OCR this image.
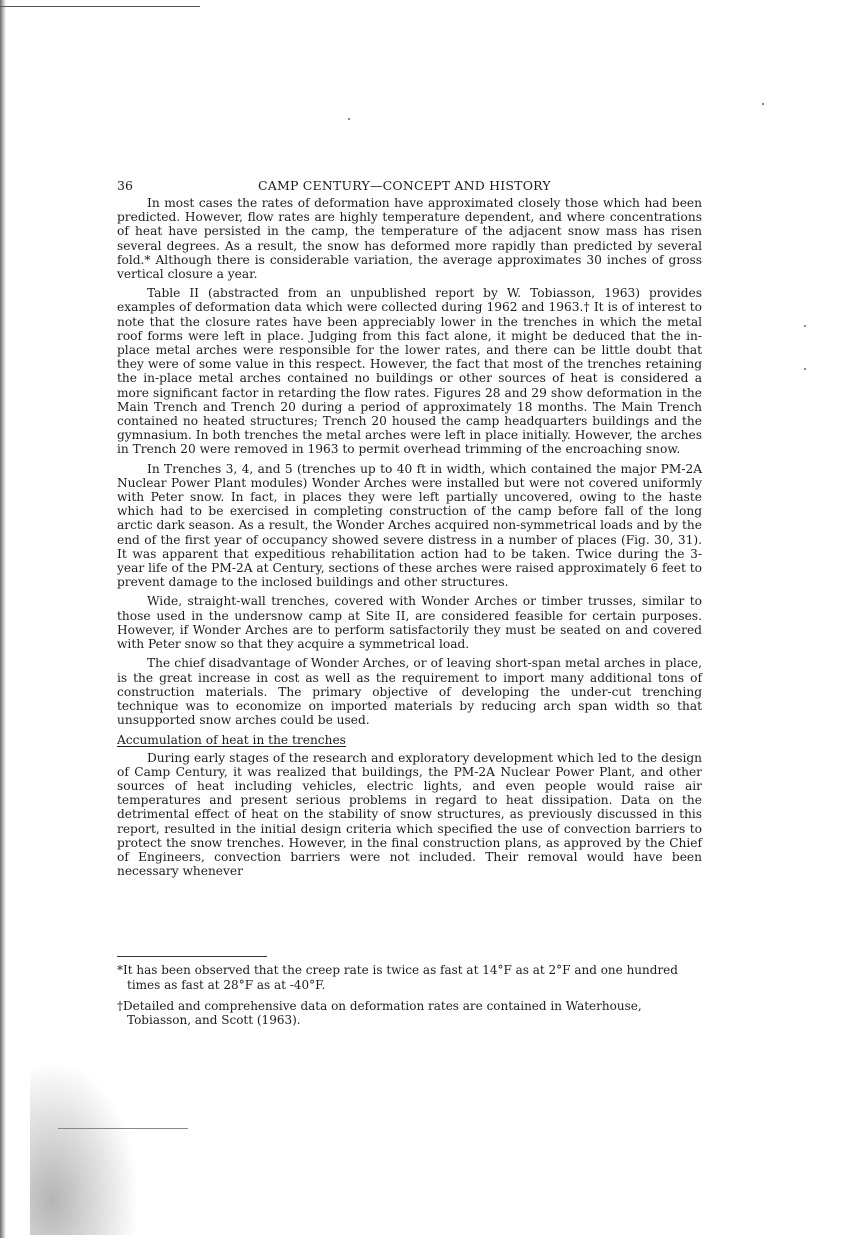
36	CAMP CENTURY—CONCEPT AND HISTORY

In most cases the rates of deformation have approximated closely those which had been predicted. However, flow rates are highly temperature dependent, and where concentrations of heat have persisted in the camp, the temperature of the adjacent snow mass has risen several degrees. As a result, the snow has deformed more rapidly than predicted by several fold.* Although there is considerable variation, the average approximates 30 inches of gross vertical closure a year.

Table II (abstracted from an unpublished report by W. Tobiasson, 1963) provides examples of deformation data which were collected during 1962 and 1963.† It is of interest to note that the closure rates have been appreciably lower in the trenches in which the metal roof forms were left in place. Judging from this fact alone, it might be deduced that the in-place metal arches were responsible for the lower rates, and there can be little doubt that they were of some value in this respect. However, the fact that most of the trenches retaining the in-place metal arches contained no buildings or other sources of heat is considered a more significant factor in retarding the flow rates. Figures 28 and 29 show deformation in the Main Trench and Trench 20 during a period of approximately 18 months. The Main Trench contained no heated structures; Trench 20 housed the camp headquarters buildings and the gymnasium. In both trenches the metal arches were left in place initially. However, the arches in Trench 20 were removed in 1963 to permit overhead trimming of the encroaching snow.

In Trenches 3, 4, and 5 (trenches up to 40 ft in width, which contained the major PM-2A Nuclear Power Plant modules) Wonder Arches were installed but were not covered uniformly with Peter snow. In fact, in places they were left partially uncovered, owing to the haste which had to be exercised in completing construction of the camp before fall of the long arctic dark season. As a result, the Wonder Arches acquired non-symmetrical loads and by the end of the first year of occupancy showed severe distress in a number of places (Fig. 30, 31). It was apparent that expeditious rehabilitation action had to be taken. Twice during the 3-year life of the PM-2A at Century, sections of these arches were raised approximately 6 feet to prevent damage to the inclosed buildings and other structures.

Wide, straight-wall trenches, covered with Wonder Arches or timber trusses, similar to those used in the undersnow camp at Site II, are considered feasible for certain purposes. However, if Wonder Arches are to perform satisfactorily they must be seated on and covered with Peter snow so that they acquire a symmetrical load.

The chief disadvantage of Wonder Arches, or of leaving short-span metal arches in place, is the great increase in cost as well as the requirement to import many additional tons of construction materials. The primary objective of developing the under-cut trenching technique was to economize on imported materials by reducing arch span width so that unsupported snow arches could be used.

Accumulation of heat in the trenches

During early stages of the research and exploratory development which led to the design of Camp Century, it was realized that buildings, the PM-2A Nuclear Power Plant, and other sources of heat including vehicles, electric lights, and even people would raise air temperatures and present serious problems in regard to heat dissipation. Data on the detrimental effect of heat on the stability of snow structures, as previously discussed in this report, resulted in the initial design criteria which specified the use of convection barriers to protect the snow trenches. However, in the final construction plans, as approved by the Chief of Engineers, convection barriers were not included. Their removal would have been necessary whenever

*It has been observed that the creep rate is twice as fast at 14°F as at 2°F and one hundred times as fast at 28°F as at -40°F.

†Detailed and comprehensive data on deformation rates are contained in Waterhouse, Tobiasson, and Scott (1963).
